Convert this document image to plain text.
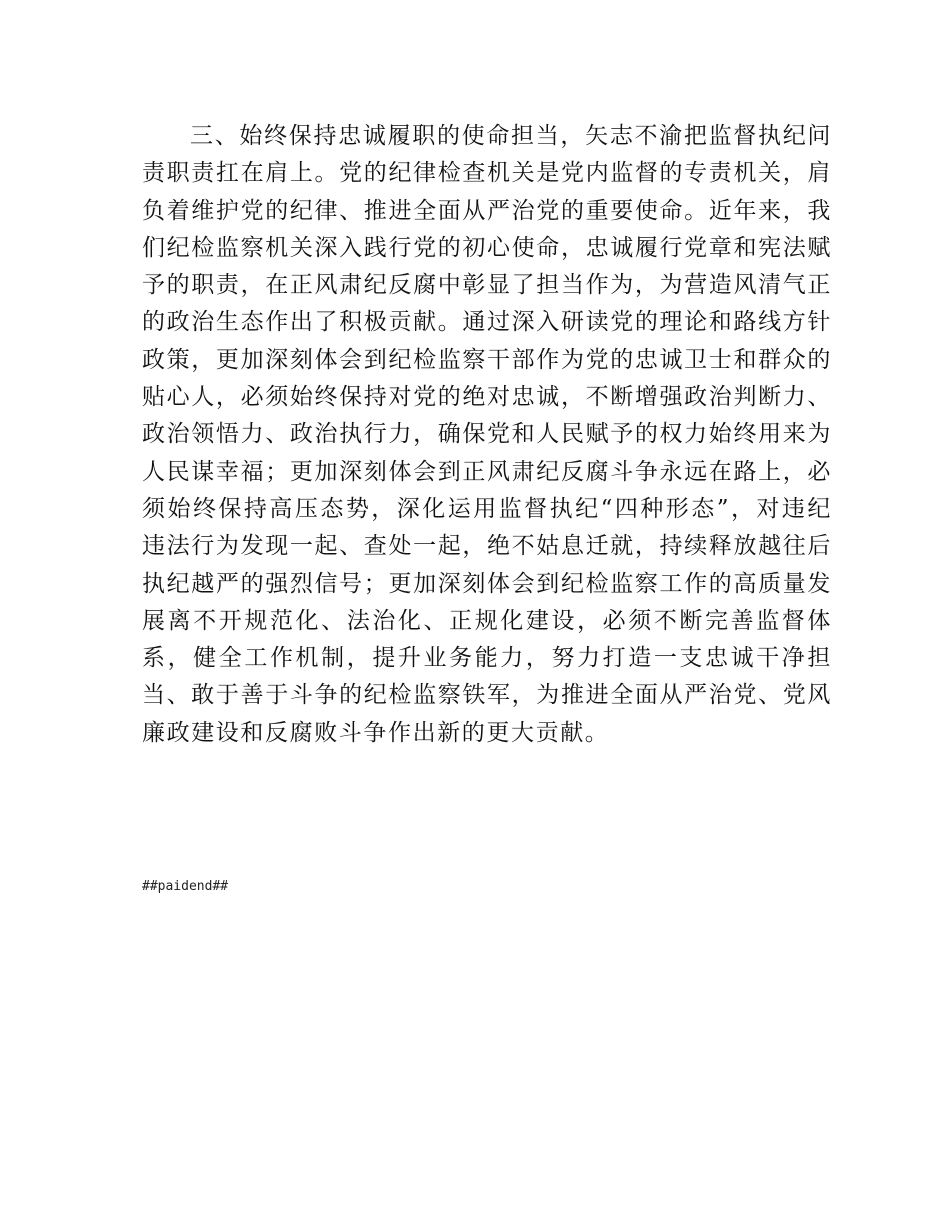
三、始终保持忠诚履职的使命担当，矢志不渝把监督执纪问责职责扛在肩上。党的纪律检查机关是党内监督的专责机关，肩负着维护党的纪律、推进全面从严治党的重要使命。近年来，我们纪检监察机关深入践行党的初心使命，忠诚履行党章和宪法赋予的职责，在正风肃纪反腐中彰显了担当作为，为营造风清气正的政治生态作出了积极贡献。通过深入研读党的理论和路线方针政策，更加深刻体会到纪检监察干部作为党的忠诚卫士和群众的贴心人，必须始终保持对党的绝对忠诚，不断增强政治判断力、政治领悟力、政治执行力，确保党和人民赋予的权力始终用来为人民谋幸福；更加深刻体会到正风肃纪反腐斗争永远在路上，必须始终保持高压态势，深化运用监督执纪“四种形态”，对违纪违法行为发现一起、查处一起，绝不姑息迁就，持续释放越往后执纪越严的强烈信号；更加深刻体会到纪检监察工作的高质量发展离不开规范化、法治化、正规化建设，必须不断完善监督体系，健全工作机制，提升业务能力，努力打造一支忠诚干净担当、敢于善于斗争的纪检监察铁军，为推进全面从严治党、党风廉政建设和反腐败斗争作出新的更大贡献。

##paidend##
